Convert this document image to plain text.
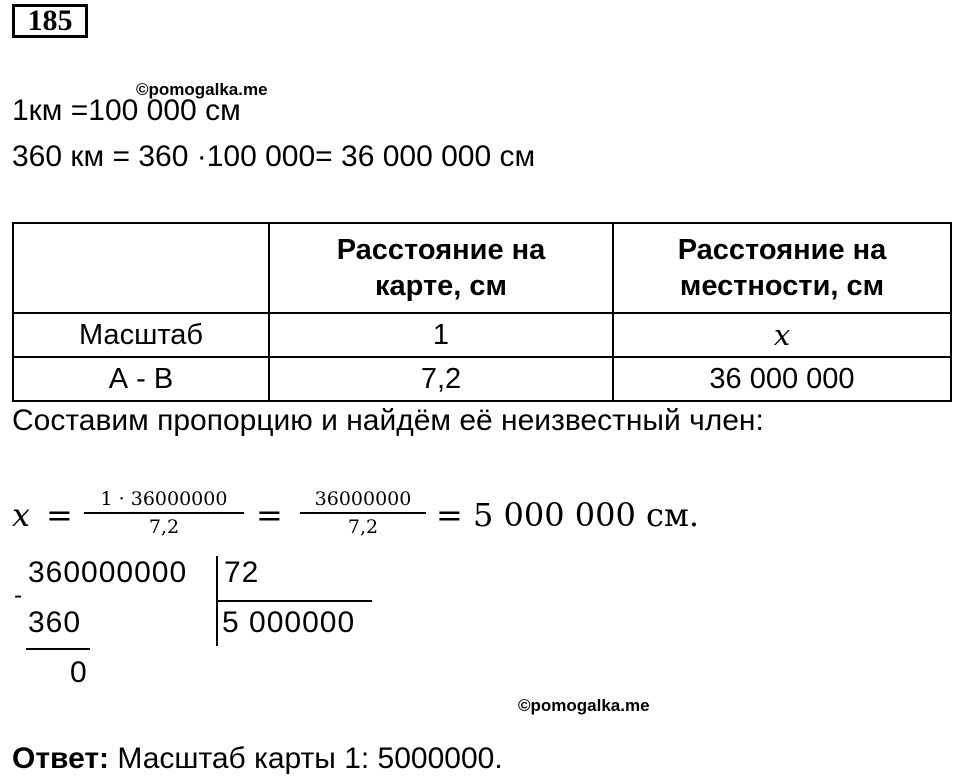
185
©pomogalka.me
1км =100 000 см
360 км = 360 ·100 000= 36 000 000 см

	Расстояние на карте, см	Расстояние на местности, см

Масштаб	1	x
А - В	7,2	36 000 000
Составим пропорцию и найдём её неизвестный член:
x =	1 · 36000000
7,2	=	36000000
7,2	= 5 000 000 см.
360000000 72
-
360	5 000000
0
©pomogalka.me
Ответ: Масштаб карты 1: 5000000.
